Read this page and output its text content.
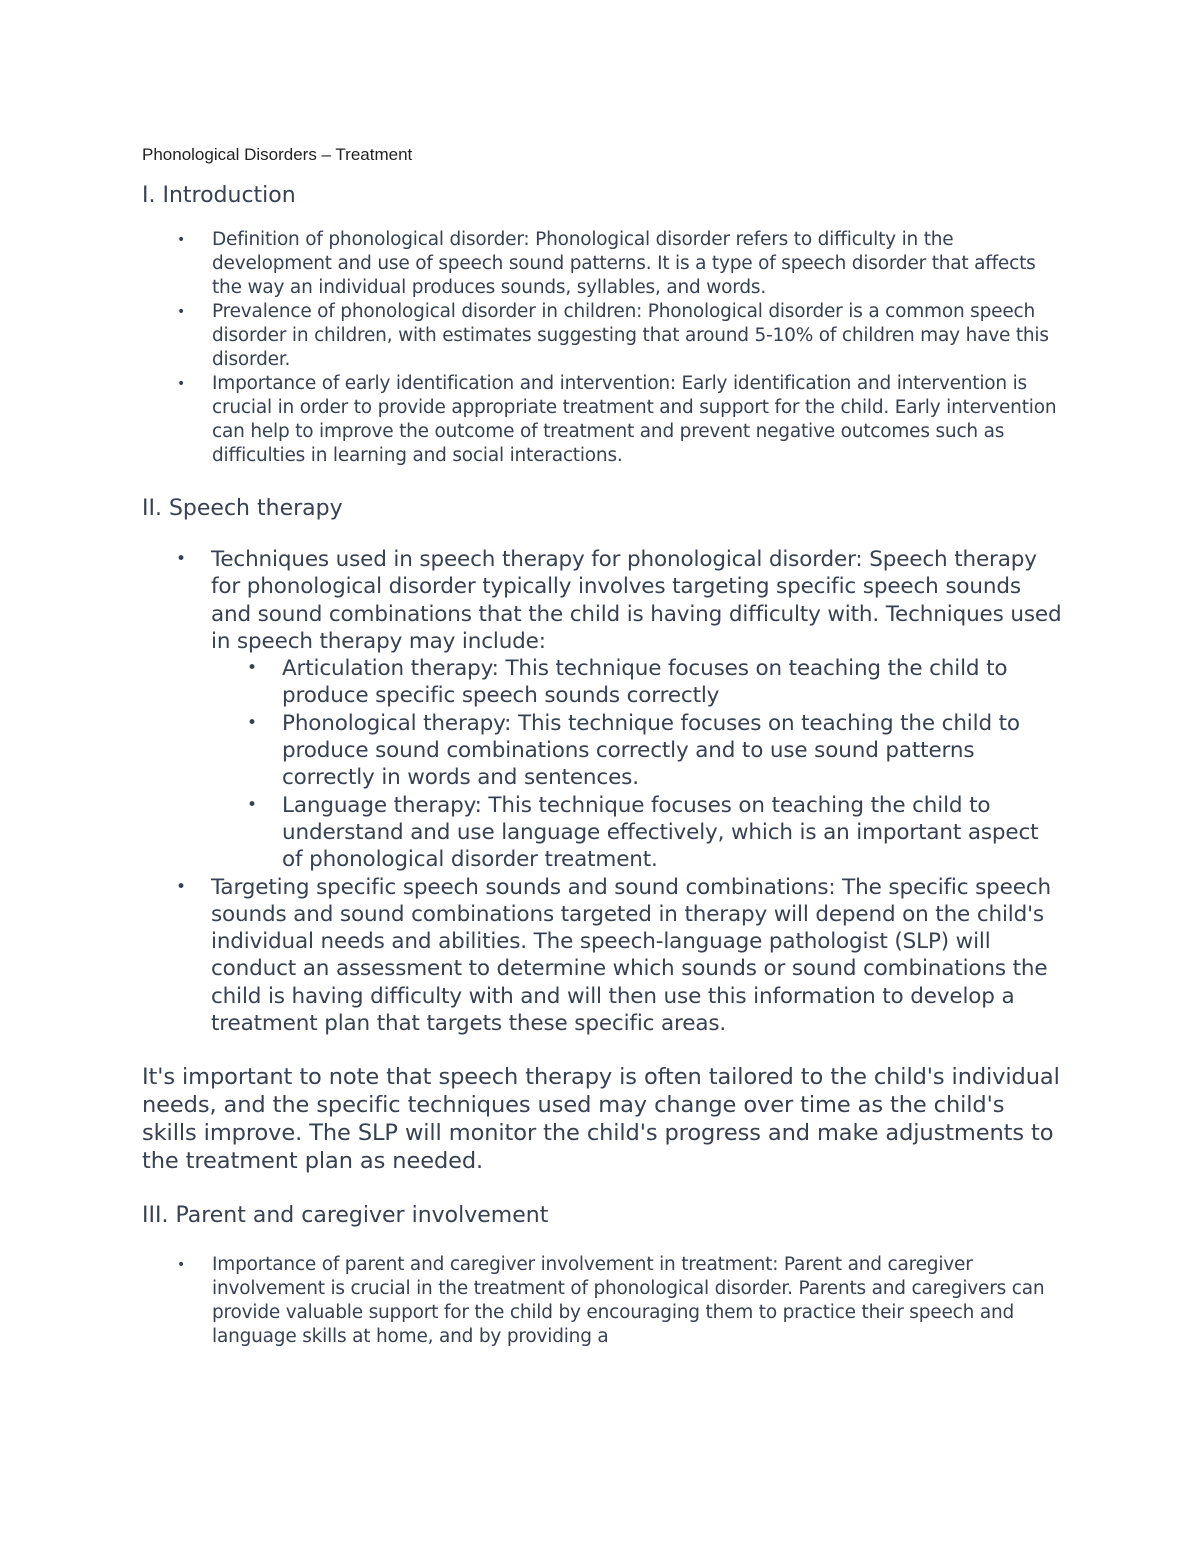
Phonological Disorders – Treatment
I. Introduction
• Definition of phonological disorder: Phonological disorder refers to difficulty in the development and use of speech sound patterns. It is a type of speech disorder that affects the way an individual produces sounds, syllables, and words.
• Prevalence of phonological disorder in children: Phonological disorder is a common speech disorder in children, with estimates suggesting that around 5-10% of children may have this disorder.
• Importance of early identification and intervention: Early identification and intervention is crucial in order to provide appropriate treatment and support for the child. Early intervention can help to improve the outcome of treatment and prevent negative outcomes such as difficulties in learning and social interactions.
II. Speech therapy
• Techniques used in speech therapy for phonological disorder: Speech therapy for phonological disorder typically involves targeting specific speech sounds and sound combinations that the child is having difficulty with. Techniques used in speech therapy may include:
• Articulation therapy: This technique focuses on teaching the child to produce specific speech sounds correctly
• Phonological therapy: This technique focuses on teaching the child to produce sound combinations correctly and to use sound patterns correctly in words and sentences.
• Language therapy: This technique focuses on teaching the child to understand and use language effectively, which is an important aspect of phonological disorder treatment.
• Targeting specific speech sounds and sound combinations: The specific speech sounds and sound combinations targeted in therapy will depend on the child's individual needs and abilities. The speech-language pathologist (SLP) will conduct an assessment to determine which sounds or sound combinations the child is having difficulty with and will then use this information to develop a treatment plan that targets these specific areas.

It's important to note that speech therapy is often tailored to the child's individual needs, and the specific techniques used may change over time as the child's skills improve. The SLP will monitor the child's progress and make adjustments to the treatment plan as needed.

III. Parent and caregiver involvement
• Importance of parent and caregiver involvement in treatment: Parent and caregiver involvement is crucial in the treatment of phonological disorder. Parents and caregivers can provide valuable support for the child by encouraging them to practice their speech and language skills at home, and by providing a
